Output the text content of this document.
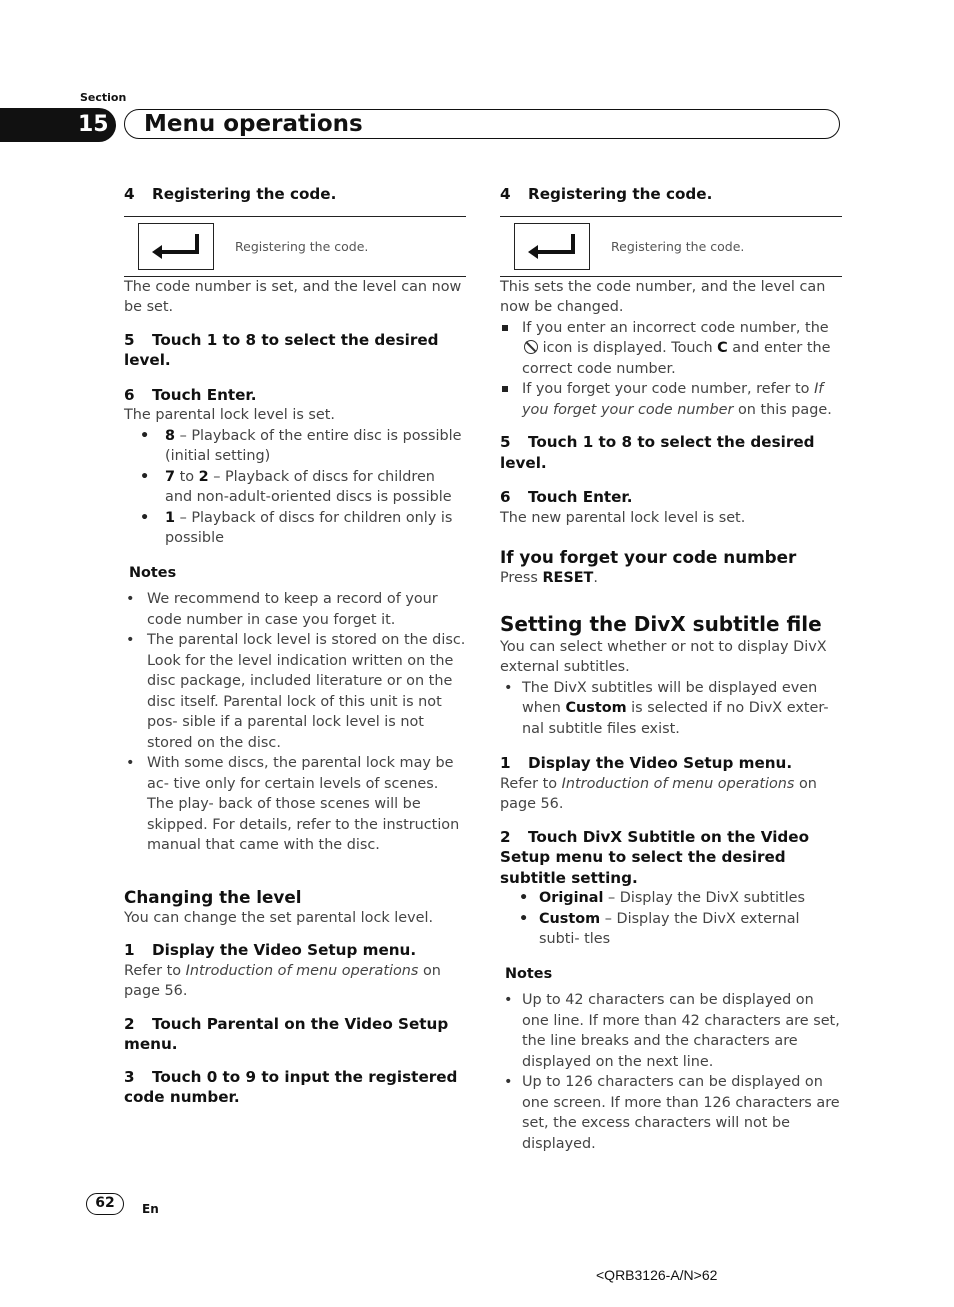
Section
15 Menu operations
4 Registering the code.
Registering the code.
The code number is set, and the level can now be set.
5 Touch 1 to 8 to select the desired level.
6 Touch Enter.
The parental lock level is set.
• 8 – Playback of the entire disc is possible (initial setting)
• 7 to 2 – Playback of discs for children and non-adult-oriented discs is possible
• 1 – Playback of discs for children only is possible
Notes
• We recommend to keep a record of your code number in case you forget it.
• The parental lock level is stored on the disc. Look for the level indication written on the disc package, included literature or on the disc itself. Parental lock of this unit is not pos- sible if a parental lock level is not stored on the disc.
• With some discs, the parental lock may be ac- tive only for certain levels of scenes. The play- back of those scenes will be skipped. For details, refer to the instruction manual that came with the disc.
Changing the level
You can change the set parental lock level.
1 Display the Video Setup menu.
Refer to Introduction of menu operations on page 56.
2 Touch Parental on the Video Setup menu.
3 Touch 0 to 9 to input the registered code number.
4 Registering the code.
Registering the code.
This sets the code number, and the level can now be changed.
If you enter an incorrect code number, the  icon is displayed. Touch C and enter the correct code number.
If you forget your code number, refer to If you forget your code number on this page.
5 Touch 1 to 8 to select the desired level.
6 Touch Enter.
The new parental lock level is set.
If you forget your code number
Press RESET.
Setting the DivX subtitle file
You can select whether or not to display DivX external subtitles.
• The DivX subtitles will be displayed even when Custom is selected if no DivX exter- nal subtitle files exist.
1 Display the Video Setup menu.
Refer to Introduction of menu operations on page 56.
2 Touch DivX Subtitle on the Video Setup menu to select the desired subtitle setting.
• Original – Display the DivX subtitles
• Custom – Display the DivX external subti- tles
Notes
• Up to 42 characters can be displayed on one line. If more than 42 characters are set, the line breaks and the characters are displayed on the next line.
• Up to 126 characters can be displayed on one screen. If more than 126 characters are set, the excess characters will not be displayed.
62	En
<QRB3126-A/N>62
